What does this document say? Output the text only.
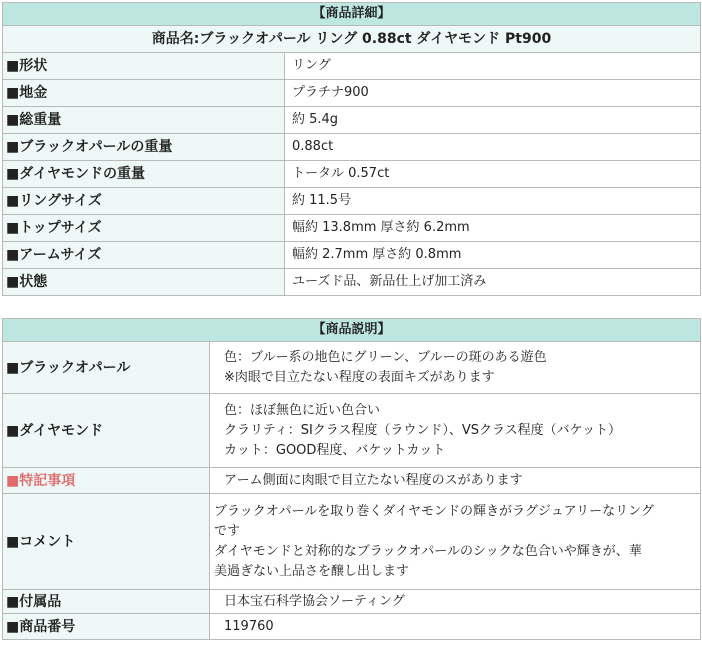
【商品詳細】	
商品名:ブラックオパール リング 0.88ct ダイヤモンド Pt900	
■形状	リング
■地金	プラチナ900
■総重量	約 5.4g
■ブラックオパールの重量	0.88ct
■ダイヤモンドの重量	トータル 0.57ct
■リングサイズ	約 11.5号
■トップサイズ	幅約 13.8mm 厚さ約 6.2mm
■アームサイズ	幅約 2.7mm 厚さ約 0.8mm
■状態	ユーズド品、新品仕上げ加工済み
【商品説明】	
■ブラックオパール	色：ブルー系の地色にグリーン、ブルーの斑のある遊色
※肉眼で目立たない程度の表面キズがあります

■ダイヤモンド	色：ほぼ無色に近い色合い
クラリティ：SIクラス程度（ラウンド）、VSクラス程度（バケット）
カット：GOOD程度、バケットカット

■特記事項	アーム側面に肉眼で目立たない程度のスがあります
■コメント	ブラックオパールを取り巻くダイヤモンドの輝きがラグジュアリーなリング
です
ダイヤモンドと対称的なブラックオパールのシックな色合いや輝きが、華
美過ぎない上品さを醸し出します

■付属品	日本宝石科学協会ソーティング
■商品番号	119760
